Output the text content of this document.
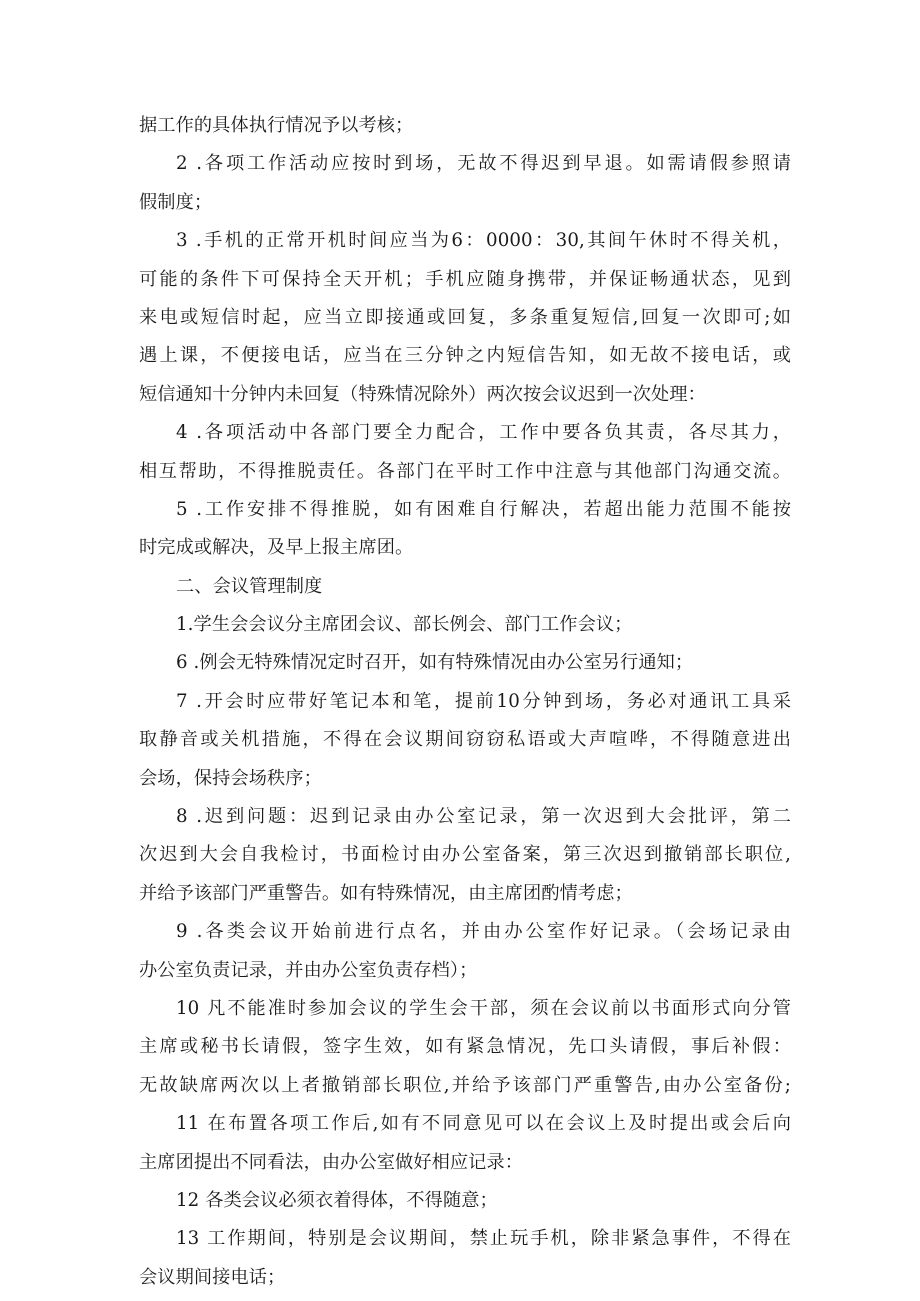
据工作的具体执行情况予以考核；
2 .各项工作活动应按时到场，无故不得迟到早退。如需请假参照请
假制度；
3 .手机的正常开机时间应当为6：0000：30,其间午休时不得关机，
可能的条件下可保持全天开机；手机应随身携带，并保证畅通状态，见到
来电或短信时起，应当立即接通或回复，多条重复短信,回复一次即可;如
遇上课，不便接电话，应当在三分钟之内短信告知，如无故不接电话，或
短信通知十分钟内未回复（特殊情况除外）两次按会议迟到一次处理：
4 .各项活动中各部门要全力配合，工作中要各负其责，各尽其力，
相互帮助，不得推脱责任。各部门在平时工作中注意与其他部门沟通交流。
5 .工作安排不得推脱，如有困难自行解决，若超出能力范围不能按
时完成或解决，及早上报主席团。
二、会议管理制度
1.学生会会议分主席团会议、部长例会、部门工作会议；
6 .例会无特殊情况定时召开，如有特殊情况由办公室另行通知；
7 .开会时应带好笔记本和笔，提前10分钟到场，务必对通讯工具采
取静音或关机措施，不得在会议期间窃窃私语或大声喧哗，不得随意进出
会场，保持会场秩序；
8 .迟到问题：迟到记录由办公室记录，第一次迟到大会批评，第二
次迟到大会自我检讨，书面检讨由办公室备案，第三次迟到撤销部长职位,
并给予该部门严重警告。如有特殊情况，由主席团酌情考虑；
9 .各类会议开始前进行点名，并由办公室作好记录。（会场记录由
办公室负责记录，并由办公室负责存档）；
10 凡不能准时参加会议的学生会干部，须在会议前以书面形式向分管
主席或秘书长请假，签字生效，如有紧急情况，先口头请假，事后补假：
无故缺席两次以上者撤销部长职位,并给予该部门严重警告,由办公室备份;
11 在布置各项工作后,如有不同意见可以在会议上及时提出或会后向
主席团提出不同看法，由办公室做好相应记录：
12 各类会议必须衣着得体，不得随意；
13 工作期间，特别是会议期间，禁止玩手机，除非紧急事件，不得在
会议期间接电话；
